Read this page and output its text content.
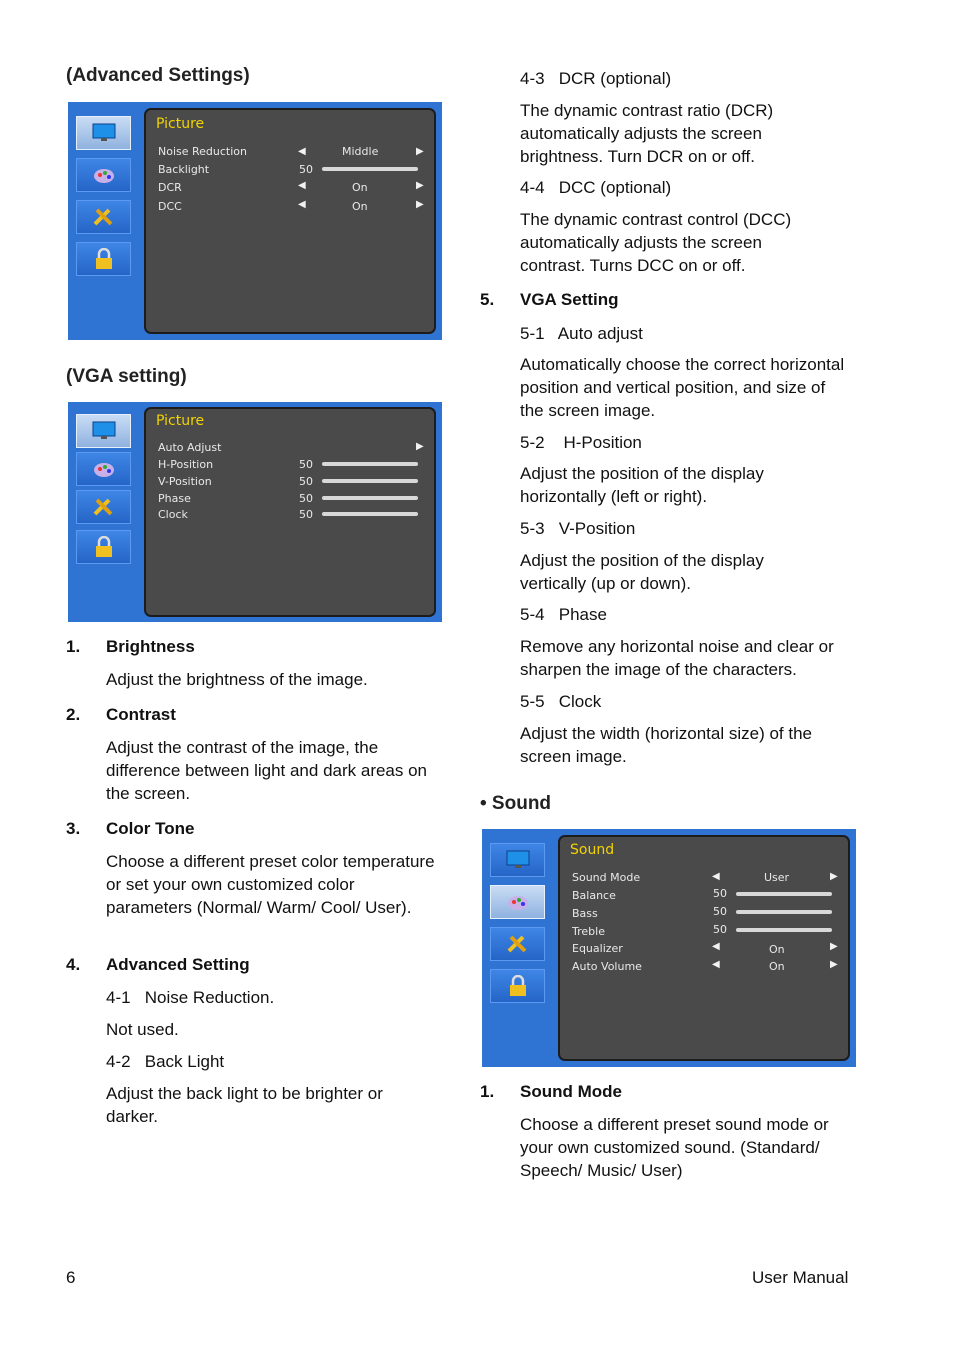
(Advanced Settings)
Picture
Noise Reduction	◀	Middle	▶
Backlight	50
DCR	◀	On	▶
DCC	◀	On	▶
(VGA setting)
Picture
Auto Adjust	▶
H-Position	50
V-Position	50
Phase	50
Clock	50
1. Brightness
Adjust the brightness of the image.
2. Contrast
Adjust the contrast of the image, the difference between light and dark areas on the screen.
3. Color Tone
Choose a different preset color temperature or set your own customized color parameters (Normal/ Warm/ Cool/ User).
4. Advanced Setting
4-1   Noise Reduction.
Not used.
4-2   Back Light
Adjust the back light to be brighter or darker.
4-3   DCR (optional)
The dynamic contrast ratio (DCR) automatically adjusts the screen brightness. Turn DCR on or off.
4-4   DCC (optional)
The dynamic contrast control (DCC) automatically adjusts the screen contrast. Turns DCC on or off.
5. VGA Setting
5-1   Auto adjust
Automatically choose the correct horizontal position and vertical position, and size of the screen image.
5-2    H-Position
Adjust the position of the display horizontally (left or right).
5-3   V-Position
Adjust the position of the display vertically (up or down).
5-4   Phase
Remove any horizontal noise and clear or sharpen the image of the characters.
5-5   Clock
Adjust the width (horizontal size) of the screen image.
• Sound
Sound
Sound Mode	◀	User	▶
Balance	50
Bass	50
Treble	50
Equalizer	◀	On	▶
Auto Volume	◀	On	▶
1. Sound Mode
Choose a different preset sound mode or your own customized sound. (Standard/ Speech/ Music/ User)
6	User Manual
